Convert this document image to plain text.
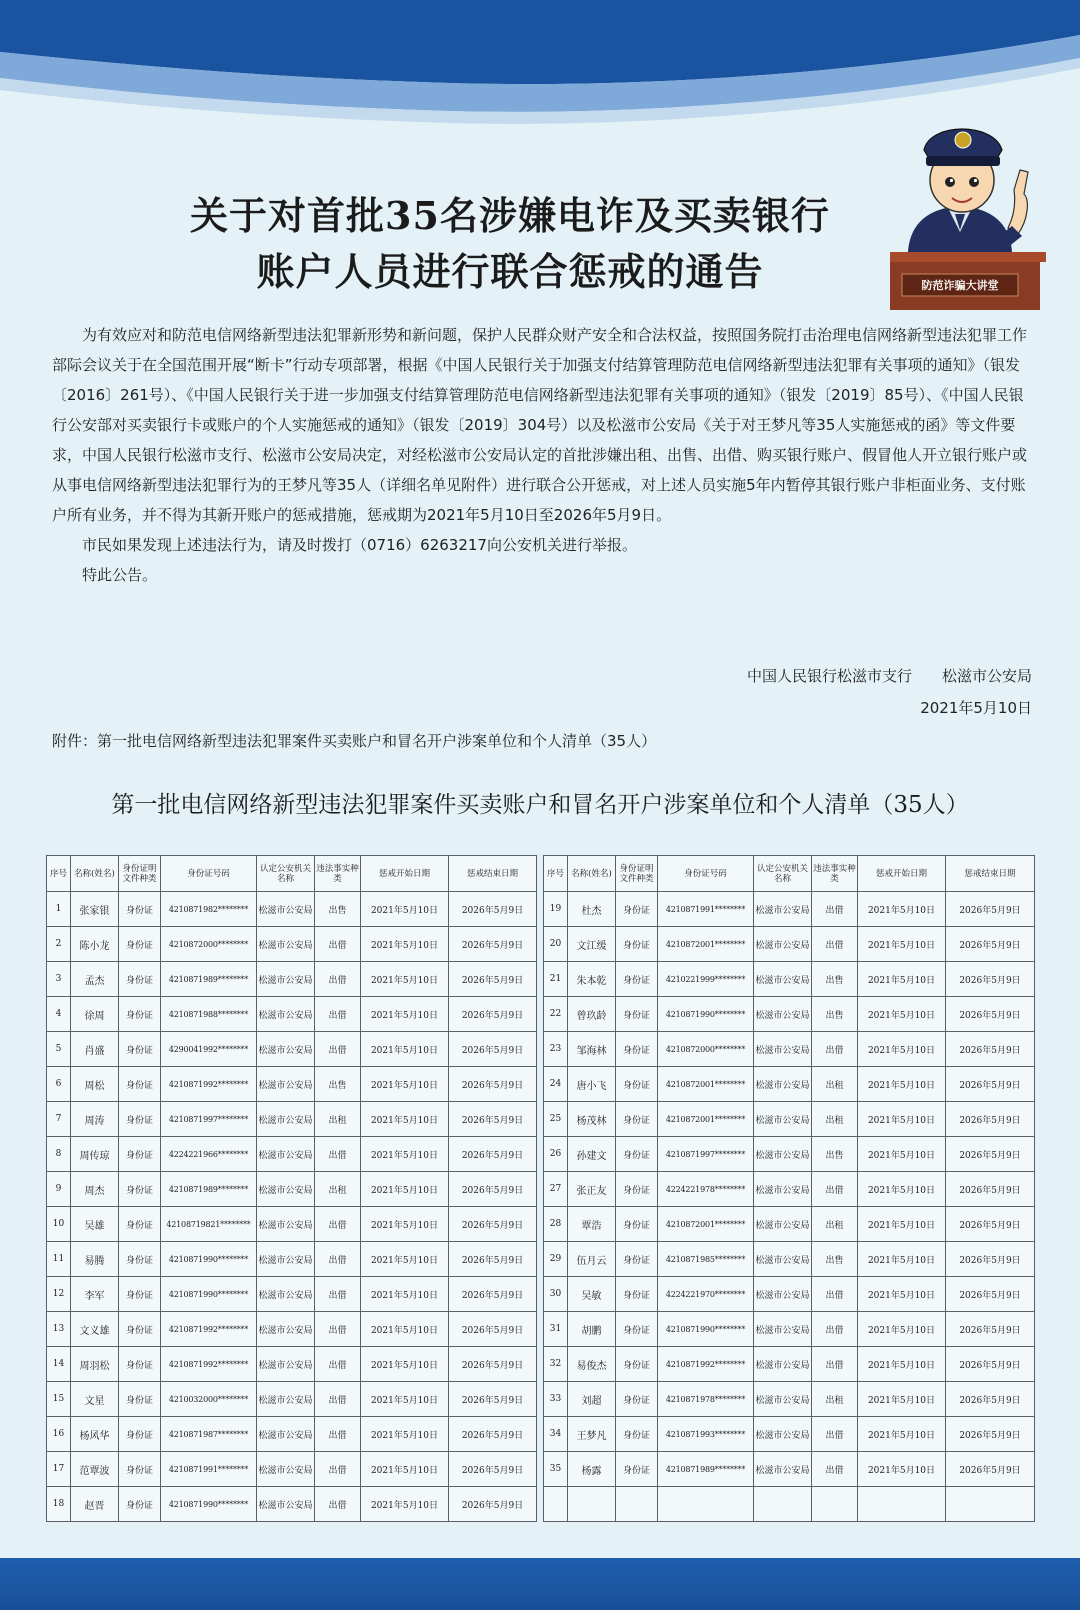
防范诈骗大讲堂
关于对首批35名涉嫌电诈及买卖银行
账户人员进行联合惩戒的通告

为有效应对和防范电信网络新型违法犯罪新形势和新问题，保护人民群众财产安全和合法权益，按照国务院打击治理电信网络新型违法犯罪工作部际会议关于在全国范围开展“断卡”行动专项部署，根据《中国人民银行关于加强支付结算管理防范电信网络新型违法犯罪有关事项的通知》（银发〔2016〕261号）、《中国人民银行关于进一步加强支付结算管理防范电信网络新型违法犯罪有关事项的通知》（银发〔2019〕85号）、《中国人民银行公安部对买卖银行卡或账户的个人实施惩戒的通知》（银发〔2019〕304号）以及松滋市公安局《关于对王梦凡等35人实施惩戒的函》等文件要求，中国人民银行松滋市支行、松滋市公安局决定，对经松滋市公安局认定的首批涉嫌出租、出售、出借、购买银行账户、假冒他人开立银行账户或从事电信网络新型违法犯罪行为的王梦凡等35人（详细名单见附件）进行联合公开惩戒，对上述人员实施5年内暂停其银行账户非柜面业务、支付账户所有业务，并不得为其新开账户的惩戒措施，惩戒期为2021年5月10日至2026年5月9日。

市民如果发现上述违法行为，请及时拨打（0716）6263217向公安机关进行举报。

特此公告。

中国人民银行松滋市支行 松滋市公安局
2021年5月10日
附件：第一批电信网络新型违法犯罪案件买卖账户和冒名开户涉案单位和个人清单（35人）
第一批电信网络新型违法犯罪案件买卖账户和冒名开户涉案单位和个人清单（35人）
序号	名称(姓名)	身份证明文件种类	身份证号码	认定公安机关名称	违法事实种类	惩戒开始日期	惩戒结束日期
1	张家银	身份证	4210871982********	松滋市公安局	出售	2021年5月10日	2026年5月9日
2	陈小龙	身份证	4210872000********	松滋市公安局	出借	2021年5月10日	2026年5月9日
3	孟杰	身份证	4210871989********	松滋市公安局	出借	2021年5月10日	2026年5月9日
4	徐周	身份证	4210871988********	松滋市公安局	出借	2021年5月10日	2026年5月9日
5	肖盛	身份证	4290041992********	松滋市公安局	出借	2021年5月10日	2026年5月9日
6	周松	身份证	4210871992********	松滋市公安局	出售	2021年5月10日	2026年5月9日
7	周涛	身份证	4210871997********	松滋市公安局	出租	2021年5月10日	2026年5月9日
8	周传琼	身份证	4224221966********	松滋市公安局	出借	2021年5月10日	2026年5月9日
9	周杰	身份证	4210871989********	松滋市公安局	出租	2021年5月10日	2026年5月9日
10	吴雄	身份证	42108719821********	松滋市公安局	出借	2021年5月10日	2026年5月9日
11	易腾	身份证	4210871990********	松滋市公安局	出借	2021年5月10日	2026年5月9日
12	李军	身份证	4210871990********	松滋市公安局	出借	2021年5月10日	2026年5月9日
13	文义雄	身份证	4210871992********	松滋市公安局	出借	2021年5月10日	2026年5月9日
14	周羽松	身份证	4210871992********	松滋市公安局	出借	2021年5月10日	2026年5月9日
15	文星	身份证	4210032000********	松滋市公安局	出借	2021年5月10日	2026年5月9日
16	杨风华	身份证	4210871987********	松滋市公安局	出借	2021年5月10日	2026年5月9日
17	范覃波	身份证	4210871991********	松滋市公安局	出借	2021年5月10日	2026年5月9日
18	赵晋	身份证	4210871990********	松滋市公安局	出借	2021年5月10日	2026年5月9日
序号	名称(姓名)	身份证明文件种类	身份证号码	认定公安机关名称	违法事实种类	惩戒开始日期	惩戒结束日期
19	杜杰	身份证	4210871991********	松滋市公安局	出借	2021年5月10日	2026年5月9日
20	文江缓	身份证	4210872001********	松滋市公安局	出借	2021年5月10日	2026年5月9日
21	朱本乾	身份证	4210221999********	松滋市公安局	出售	2021年5月10日	2026年5月9日
22	曾玖龄	身份证	4210871990********	松滋市公安局	出售	2021年5月10日	2026年5月9日
23	邹海林	身份证	4210872000********	松滋市公安局	出借	2021年5月10日	2026年5月9日
24	唐小飞	身份证	4210872001********	松滋市公安局	出租	2021年5月10日	2026年5月9日
25	杨茂林	身份证	4210872001********	松滋市公安局	出租	2021年5月10日	2026年5月9日
26	孙建文	身份证	4210871997********	松滋市公安局	出售	2021年5月10日	2026年5月9日
27	张正友	身份证	4224221978********	松滋市公安局	出借	2021年5月10日	2026年5月9日
28	覃浩	身份证	4210872001********	松滋市公安局	出租	2021年5月10日	2026年5月9日
29	伍月云	身份证	4210871985********	松滋市公安局	出售	2021年5月10日	2026年5月9日
30	吴敏	身份证	4224221970********	松滋市公安局	出借	2021年5月10日	2026年5月9日
31	胡鹏	身份证	4210871990********	松滋市公安局	出借	2021年5月10日	2026年5月9日
32	易俊杰	身份证	4210871992********	松滋市公安局	出借	2021年5月10日	2026年5月9日
33	刘超	身份证	4210871978********	松滋市公安局	出租	2021年5月10日	2026年5月9日
34	王梦凡	身份证	4210871993********	松滋市公安局	出借	2021年5月10日	2026年5月9日
35	杨露	身份证	4210871989********	松滋市公安局	出借	2021年5月10日	2026年5月9日
